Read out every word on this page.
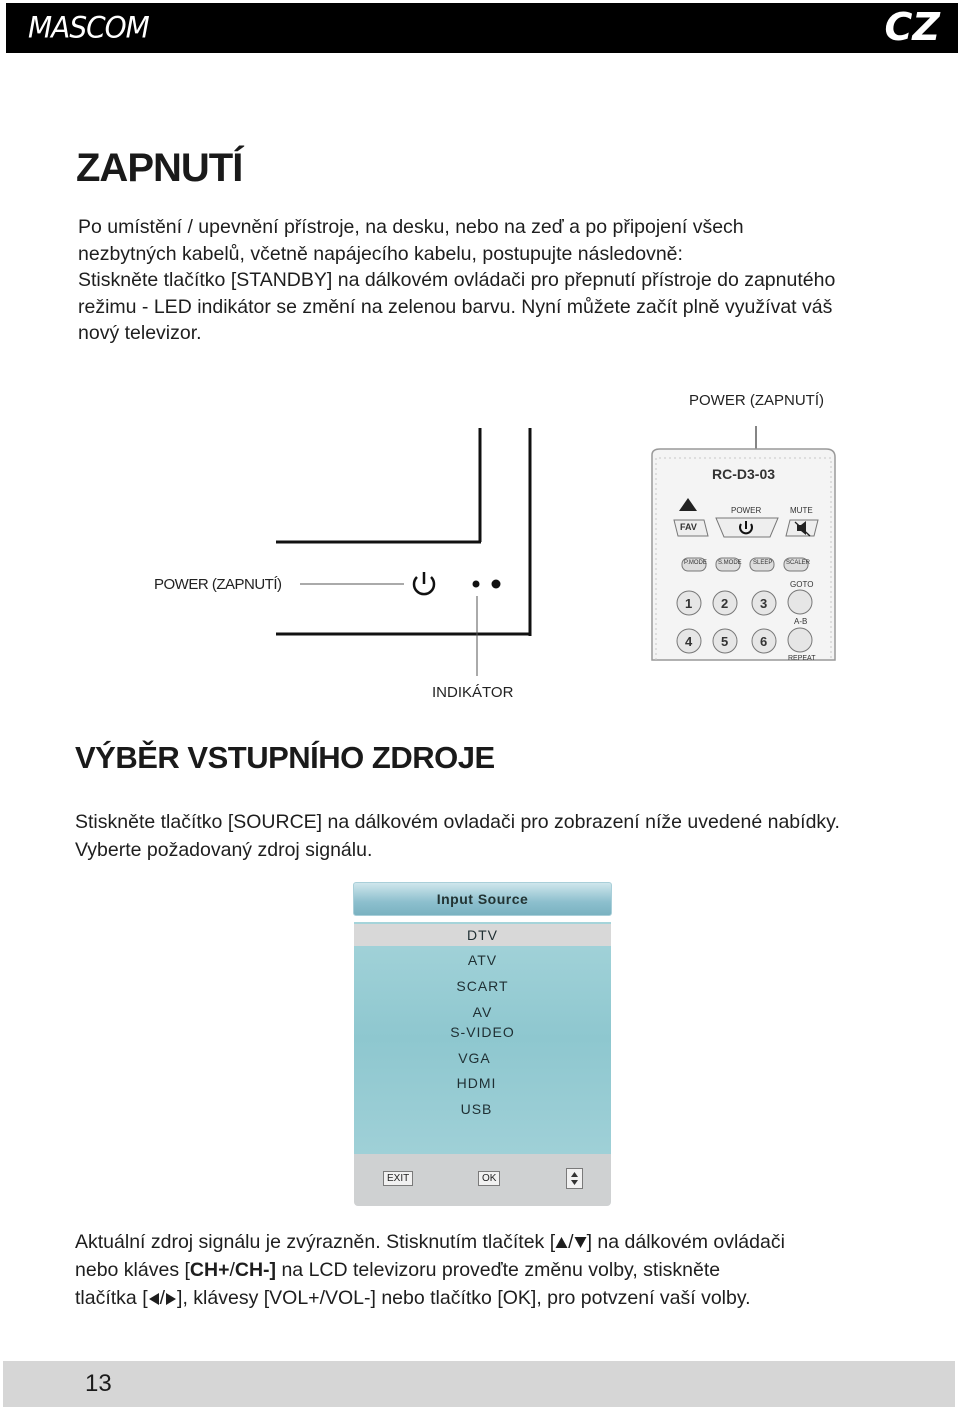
MASCOM	CZ
ZAPNUTÍ
Po umístění / upevnění přístroje, na desku, nebo na zeď a po připojení všech
nezbytných kabelů, včetně napájecího kabelu, postupujte následovně:
Stiskněte tlačítko [STANDBY] na dálkovém ovládači pro přepnutí přístroje do zapnutého
režimu - LED indikátor se změní na zelenou barvu. Nyní můžete začít plně využívat váš
nový televizor.
POWER (ZAPNUTÍ)
POWER (ZAPNUTÍ)
INDIKÁTOR
RC-D3-03
FAV
POWER	MUTE
P.MODE S.MODE SLEEP SCALER
GOTO
A-B
REPEAT
1 2 3
4 5 6
VÝBĚR VSTUPNÍHO ZDROJE
Stiskněte tlačítko [SOURCE] na dálkovém ovladači pro zobrazení níže uvedené nabídky.
Vyberte požadovaný zdroj signálu.
Input Source
DTV
ATV
SCART
AV
S-VIDEO
VGA
HDMI
USB
EXIT	OK
Aktuální zdroj signálu je zvýrazněn. Stisknutím tlačítek [ / ] na dálkovém ovládači
nebo kláves [CH+/CH-] na LCD televizoru proveďte změnu volby, stiskněte
tlačítka [ / ], klávesy [VOL+/VOL-] nebo tlačítko [OK], pro potvzení vaší volby.
13
